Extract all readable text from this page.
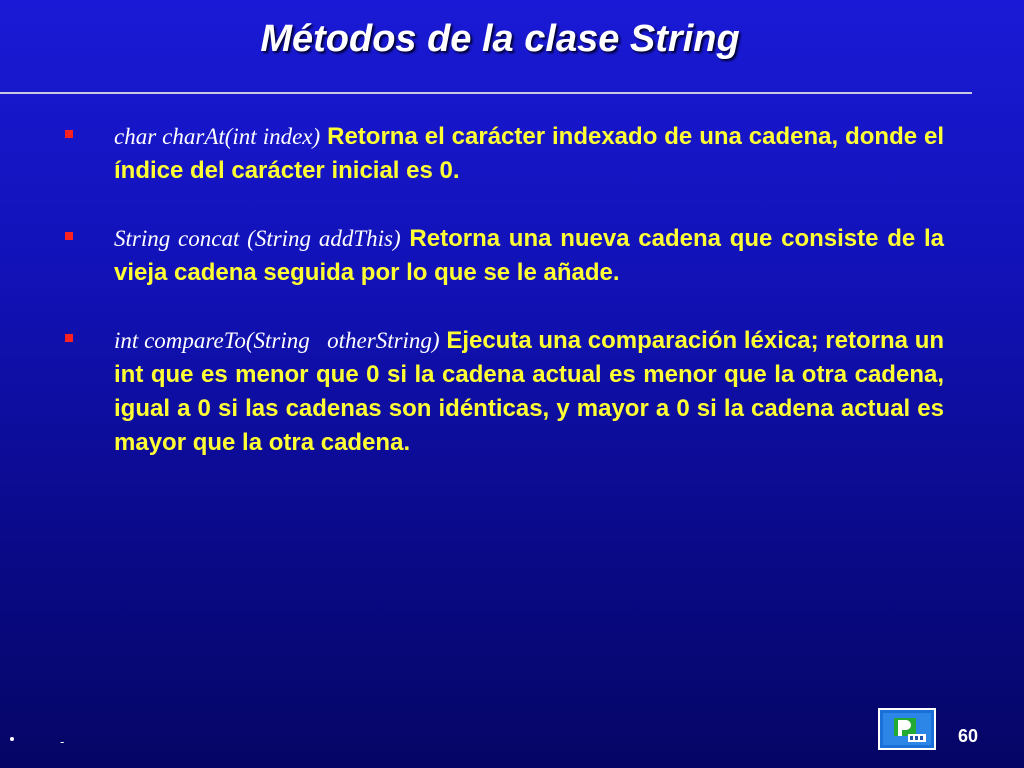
Métodos de la clase String
char charAt(int index) Retorna el carácter indexado de una cadena, donde el índice del carácter inicial es 0.
String concat (String addThis) Retorna una nueva cadena que consiste de la vieja cadena seguida por lo que se le añade.
int compareTo(String   otherString) Ejecuta una comparación léxica; retorna un int que es menor que 0 si la cadena actual es menor que la otra cadena, igual a 0 si las cadenas son idénticas, y mayor a 0 si la cadena actual es mayor que la otra cadena.
-	60
